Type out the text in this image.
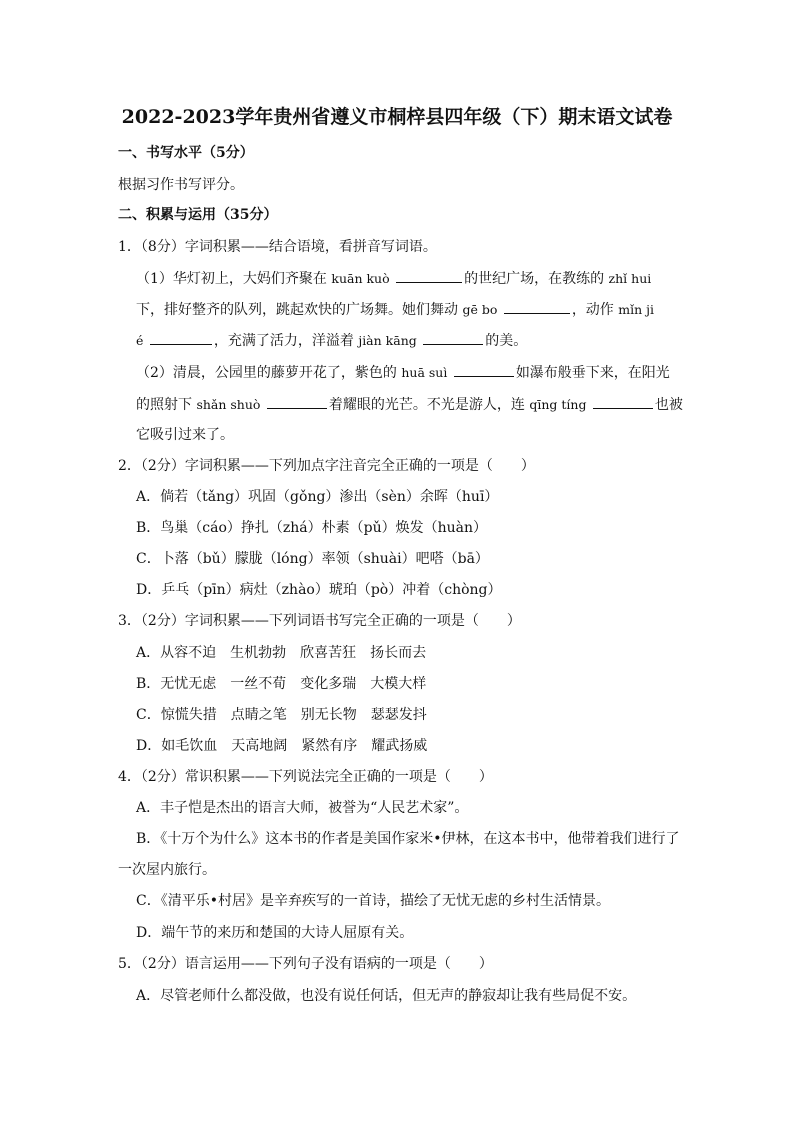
2022-2023学年贵州省遵义市桐梓县四年级（下）期末语文试卷
一、书写水平（5分）
根据习作书写评分。
二、积累与运用（35分）
1．（8分）字词积累——结合语境，看拼音写词语。
（1）华灯初上，大妈们齐聚在 kuān kuò	的世纪广场，在教练的 zhǐ hui
下，排好整齐的队列，跳起欢快的广场舞。她们舞动 gē bo	，动作 mǐn ji
é	，充满了活力，洋溢着 jiàn kāng	的美。
（2）清晨，公园里的藤萝开花了，紫色的 huā suì	如瀑布般垂下来，在阳光
的照射下 shǎn shuò	着耀眼的光芒。不光是游人，连 qīng tíng	也被
它吸引过来了。
2．（2分）字词积累——下列加点字注音完全正确的一项是（　　）
A．倘若（tǎng）巩固（gǒng）渗出（sèn）余晖（huī）
B．鸟巢（cáo）挣扎（zhá）朴素（pǔ）焕发（huàn）
C．卜落（bǔ）朦胧（lóng）率领（shuài）吧嗒（bā）
D．乒乓（pīn）病灶（zhào）琥珀（pò）冲着（chòng）
3．（2分）字词积累——下列词语书写完全正确的一项是（　　）
A．从容不迫　生机勃勃　欣喜苦狂　扬长而去
B．无忧无虑　一丝不荀　变化多瑞　大模大样
C．惊慌失措　点睛之笔　别无长物　瑟瑟发抖
D．如毛饮血　天高地阔　紧然有序　耀武扬威
4．（2分）常识积累——下列说法完全正确的一项是（　　）
A．丰子恺是杰出的语言大师，被誉为“人民艺术家”。
B．《十万个为什么》这本书的作者是美国作家米•伊林，在这本书中，他带着我们进行了
一次屋内旅行。
C．《清平乐•村居》是辛弃疾写的一首诗，描绘了无忧无虑的乡村生活情景。
D．端午节的来历和楚国的大诗人屈原有关。
5．（2分）语言运用——下列句子没有语病的一项是（　　）
A．尽管老师什么都没做，也没有说任何话，但无声的静寂却让我有些局促不安。
